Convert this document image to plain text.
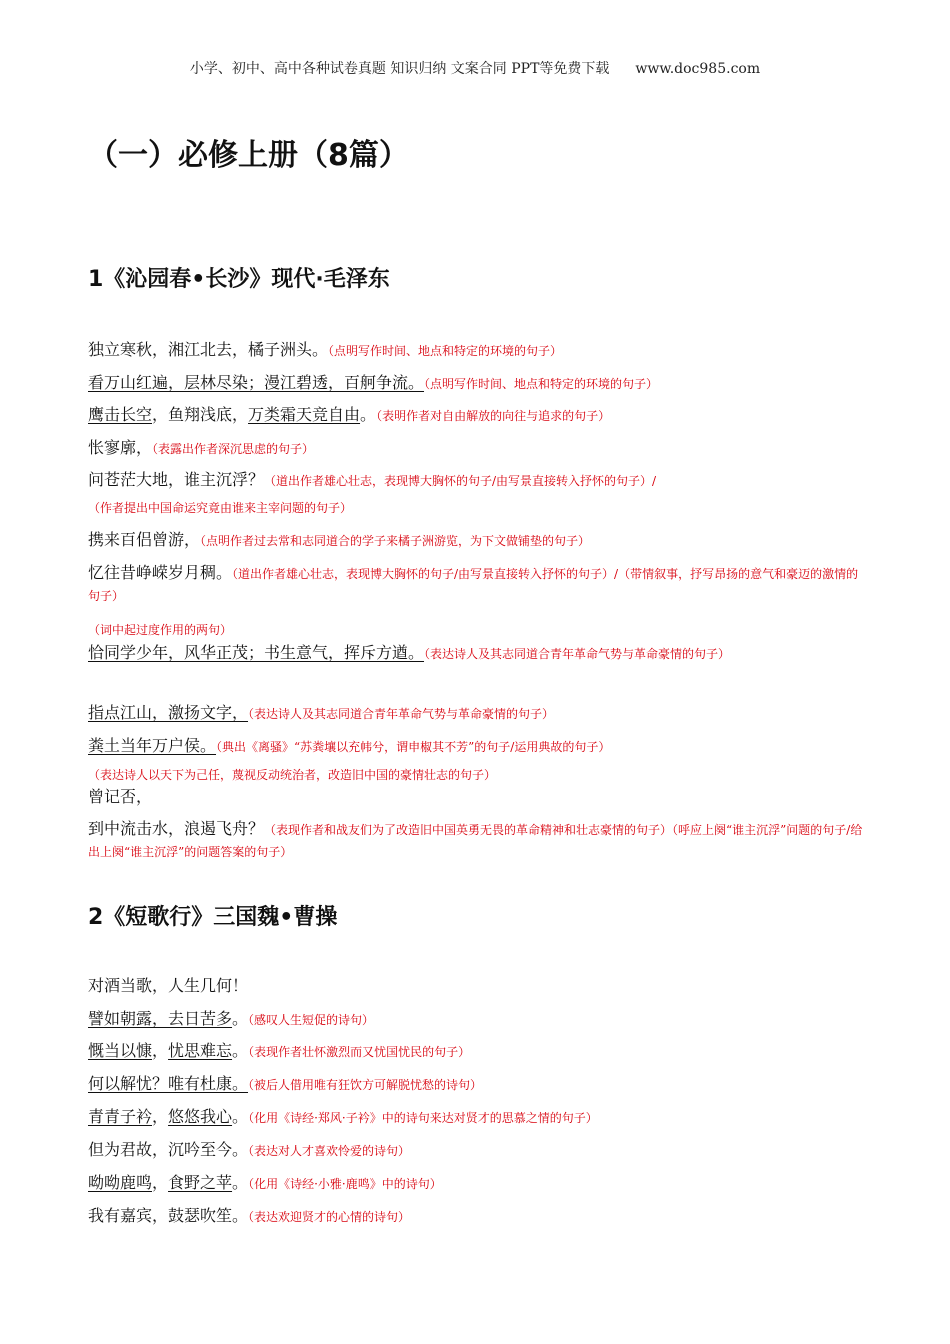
小学、初中、高中各种试卷真题 知识归纳 文案合同 PPT等免费下载 www.doc985.com
（一）必修上册（8篇）
1《沁园春•长沙》现代·毛泽东
独立寒秋，湘江北去，橘子洲头。（点明写作时间、地点和特定的环境的句子）
看万山红遍，层林尽染；漫江碧透，百舸争流。（点明写作时间、地点和特定的环境的句子）
鹰击长空，鱼翔浅底，万类霜天竞自由。（表明作者对自由解放的向往与追求的句子）
怅寥廓，（表露出作者深沉思虑的句子）
问苍茫大地，谁主沉浮？（道出作者雄心壮志，表现博大胸怀的句子/由写景直接转入抒怀的句子）/
（作者提出中国命运究竟由谁来主宰问题的句子）
携来百侣曾游，（点明作者过去常和志同道合的学子来橘子洲游览，为下文做铺垫的句子）
忆往昔峥嵘岁月稠。（道出作者雄心壮志，表现博大胸怀的句子/由写景直接转入抒怀的句子）/（带情叙事，抒写昂扬的意气和豪迈的激情的句子）
（词中起过度作用的两句）
恰同学少年，风华正茂；书生意气，挥斥方遒。（表达诗人及其志同道合青年革命气势与革命豪情的句子）
指点江山，激扬文字，（表达诗人及其志同道合青年革命气势与革命豪情的句子）
粪土当年万户侯。（典出《离骚》“苏粪壤以充帏兮，谓申椒其不芳”的句子/运用典故的句子）
（表达诗人以天下为己任，蔑视反动统治者，改造旧中国的豪情壮志的句子）
曾记否，
到中流击水，浪遏飞舟？（表现作者和战友们为了改造旧中国英勇无畏的革命精神和壮志豪情的句子）（呼应上阕“谁主沉浮”问题的句子/给出上阕“谁主沉浮”的问题答案的句子）
2《短歌行》三国魏•曹操
对酒当歌，人生几何！
譬如朝露，去日苦多。（感叹人生短促的诗句）
慨当以慷，忧思难忘。（表现作者壮怀激烈而又忧国忧民的句子）
何以解忧？唯有杜康。（被后人借用唯有狂饮方可解脱忧愁的诗句）
青青子衿，悠悠我心。（化用《诗经·郑风·子衿》中的诗句来达对贤才的思慕之情的句子）
但为君故，沉吟至今。（表达对人才喜欢怜爱的诗句）
呦呦鹿鸣，食野之苹。（化用《诗经·小雅·鹿鸣》中的诗句）
我有嘉宾，鼓瑟吹笙。（表达欢迎贤才的心情的诗句）
